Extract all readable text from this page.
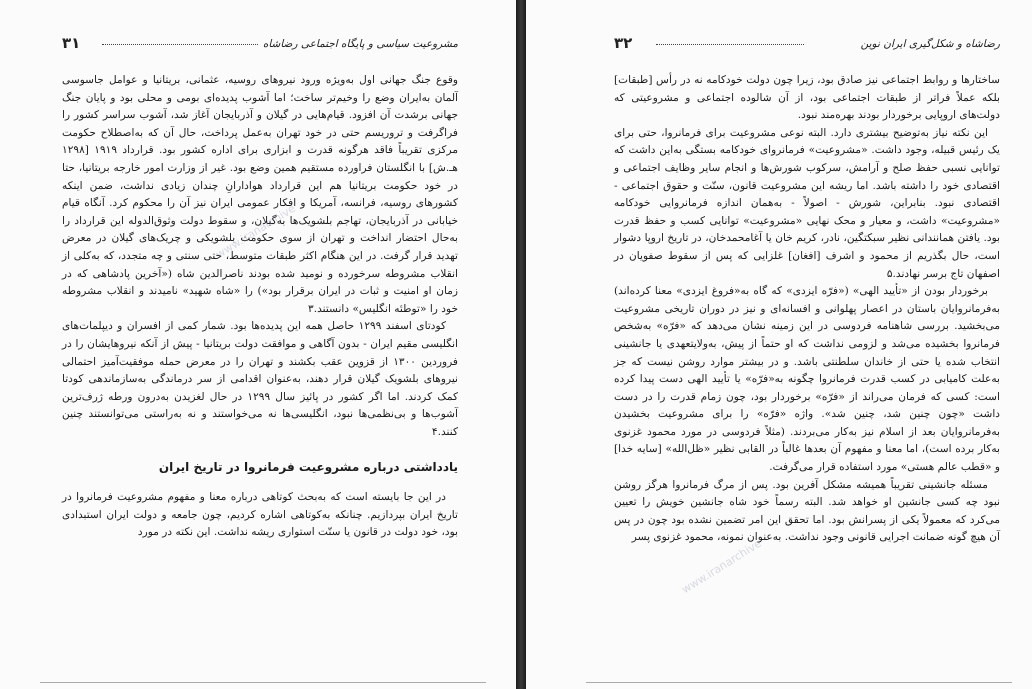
مشروعیت سیاسی و پایگاه اجتماعی رضاشاه
۳۱

وقوع جنگ جهانی اول به‌ویژه ورود نیروهای روسیه، عثمانی، بریتانیا و عوامل جاسوسی آلمان به‌ایران وضع را وخیم‌تر ساخت؛ اما آشوب پدیده‌ای بومی و محلی بود و پایان جنگ جهانی برشدت آن افزود. قیام‌هایی در گیلان و آذربایجان آغاز شد، آشوب سراسر کشور را فراگرفت و تروریسم حتی در خود تهران به‌عمل پرداخت، حال آن که به‌اصطلاح حکومت مرکزی تقریباً فاقد هرگونه قدرت و ابزاری برای اداره کشور بود. قرارداد ۱۹۱۹ [۱۲۹۸ هـ.ش] با انگلستان فراورده مستقیم همین وضع بود. غیر از وزارت امور خارجه بریتانیا، حتا در خود حکومت بریتانیا هم این قرارداد هوادارانِ چندان زیادی نداشت، ضمن اینکه کشورهای روسیه، فرانسه، آمریکا و افکار عمومی ایران نیز آن را محکوم کرد. آنگاه قیام خیابانی در آذربایجان، تهاجم بلشویک‌ها به‌گیلان، و سقوط دولت وثوق‌الدوله این قرارداد را به‌حال احتضار انداخت و تهران از سوی حکومت بلشویکی و چریک‌های گیلان در معرض تهدید قرار گرفت. در این هنگام اکثر طبقات متوسط، حتی سنتی و چه متجدد، که به‌کلی از انقلاب مشروطه سرخورده و نومید شده بودند ناصرالدین شاه («آخرین پادشاهی که در زمان او امنیت و ثبات در ایران برقرار بود») را «شاه شهید» نامیدند و انقلاب مشروطه خود را «توطئه انگلیس» دانستند.۳

کودتای اسفند ۱۲۹۹ حاصل همه این پدیده‌ها بود. شمار کمی از افسران و دیپلمات‌های انگلیسی مقیم ایران - بدون آگاهی و موافقت دولت بریتانیا - پیش از آنکه نیروهایشان را در فروردین ۱۳۰۰ از قزوین عقب بکشند و تهران را در معرض حمله موفقیت‌آمیز احتمالی نیروهای بلشویک گیلان قرار دهند، به‌عنوان اقدامی از سر درماندگی به‌سازماندهی کودتا کمک کردند. اما اگر کشور در پائیز سال ۱۲۹۹ در حال لغزیدن به‌درون ورطه ژرف‌ترین آشوب‌ها و بی‌نظمی‌ها نبود، انگلیسی‌ها نه می‌خواستند و نه به‌راستی می‌توانستند چنین کنند.۴

یادداشتی درباره مشروعیت فرمانروا در تاریخ ایران

در این جا بایسته است که به‌بحث کوتاهی درباره معنا و مفهوم مشروعیت فرمانروا در تاریخ ایران بپردازیم. چنانکه به‌کوتاهی اشاره کردیم، چون جامعه و دولت ایران استبدادی بود، خود دولت در قانون یا سنّت استواری ریشه نداشت. این نکته در مورد

www.iranarchive
رضاشاه و شکل‌گیری ایران نوین
۳۲

ساختارها و روابط اجتماعی نیز صادق بود، زیرا چون دولت خودکامه نه در رأس [طبقات] بلکه عملاً فراتر از طبقات اجتماعی بود، از آن شالوده اجتماعی و مشروعیتی که دولت‌های اروپایی برخوردار بودند بهره‌مند نبود.

این نکته نیاز به‌توضیح بیشتری دارد. البته نوعی مشروعیت برای فرمانروا، حتی برای یک رئیس قبیله، وجود داشت. «مشروعیت» فرمانروای خودکامه بستگی به‌این داشت که توانایی نسبی حفظ صلح و آرامش، سرکوب شورش‌ها و انجام سایر وظایف اجتماعی و اقتصادی خود را داشته باشد. اما ریشه این مشروعیت قانون، سنّت و حقوق اجتماعی - اقتصادی نبود. بنابراین، شورش - اصولاً - به‌همان اندازه فرمانروایی خودکامه «مشروعیت» داشت، و معیار و محک نهایی «مشروعیت» توانایی کسب و حفظ قدرت بود. یافتن همانندانی نظیر سبکتگین، نادر، کریم خان یا آغامحمدخان، در تاریخ اروپا دشوار است، حال بگذریم از محمود و اشرف [افغان] غلزایی که پس از سقوط صفویان در اصفهان تاج برسر نهادند.۵

برخوردار بودن از «تأیید الهی» («فرّه ایزدی» که گاه به«فروغ ایزدی» معنا کرده‌اند) به‌فرمانروایان باستان در اعصار پهلوانی و افسانه‌ای و نیز در دوران تاریخی مشروعیت می‌بخشید. بررسی شاهنامه فردوسی در این زمینه نشان می‌دهد که «فرّه» به‌شخص فرمانروا بخشیده می‌شد و لزومی نداشت که او حتماً از پیش، به‌ولایتعهدی یا جانشینی انتخاب شده یا حتی از خاندان سلطنتی باشد. و در بیشتر موارد روشن نیست که جز به‌علت کامیابی در کسب قدرت فرمانروا چگونه به«فرّه» یا تأیید الهی دست پیدا کرده است: کسی که فرمان می‌راند از «فرّه» برخوردار بود، چون زمام قدرت را در دست داشت «چون چنین شد، چنین شد». واژه «فرّه» را برای مشروعیت بخشیدن به‌فرمانروایان بعد از اسلام نیز به‌کار می‌بردند. (مثلاً فردوسی در مورد محمود غزنوی به‌کار برده است)، اما معنا و مفهوم آن بعدها غالباً در القابی نظیر «ظل‌الله» [سایه خدا] و «قطب عالم هستی» مورد استفاده قرار می‌گرفت.

مسئله جانشینی تقریباً همیشه مشکل آفرین بود. پس از مرگ فرمانروا هرگز روشن نبود چه کسی جانشین او خواهد شد. البته رسماً خود شاه جانشین خویش را تعیین می‌کرد که معمولاً یکی از پسرانش بود. اما تحقق این امر تضمین نشده بود چون در پس آن هیچ گونه ضمانت اجرایی قانونی وجود نداشت. به‌عنوان نمونه، محمود غزنوی پسر

www.iranarchive
